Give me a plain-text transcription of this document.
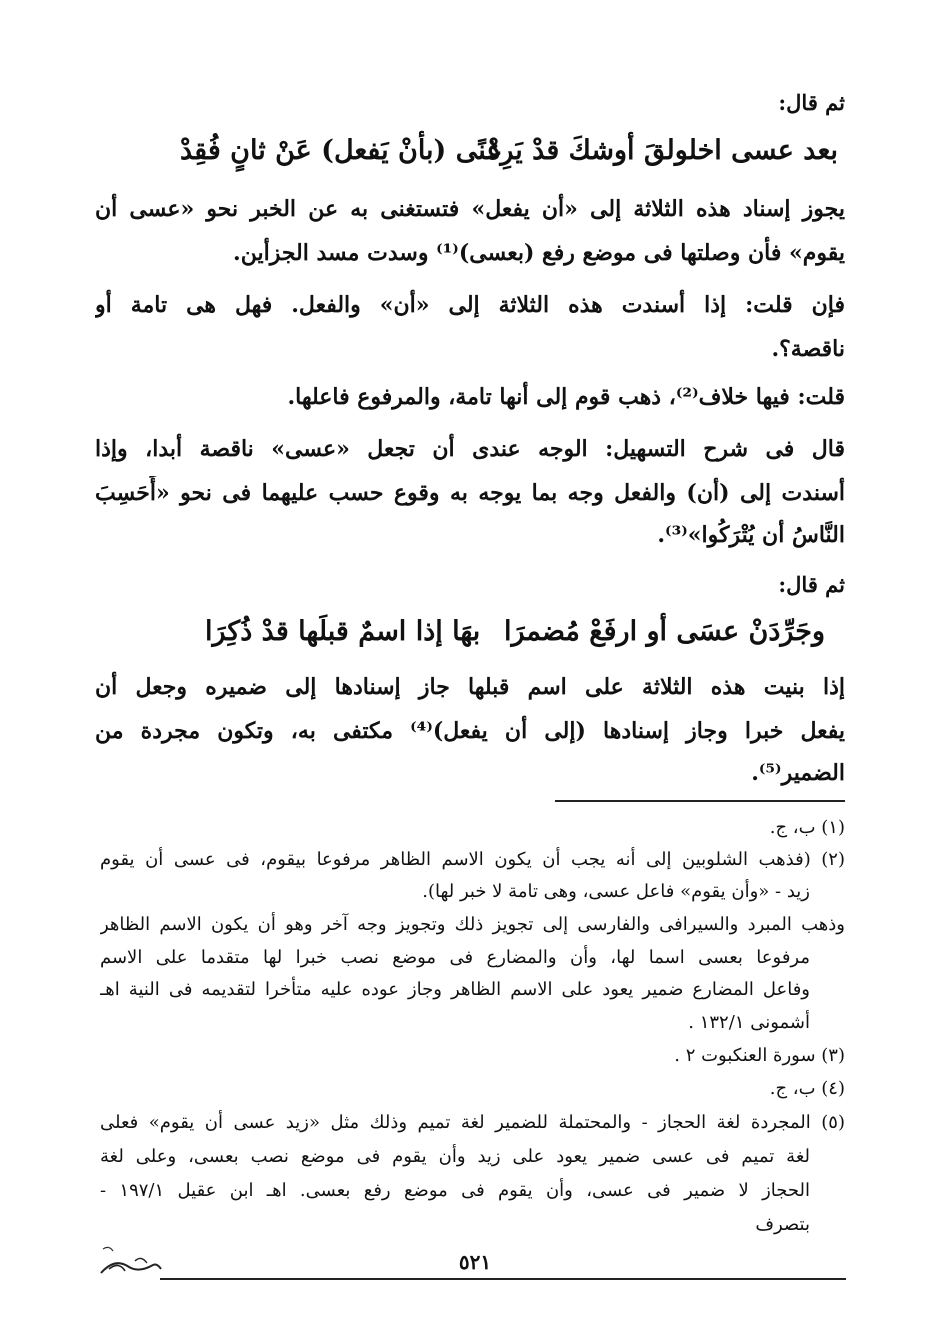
ثم قال:
بعد عسى اخلولقَ أوشكَ قدْ يَرِدْ
غنًى (بأنْ يَفعل) عَنْ ثانٍ فُقِدْ
يجوز إسناد هذه الثلاثة إلى «أن يفعل» فتستغنى به عن الخبر نحو «عسى أن
يقوم» فأن وصلتها فى موضع رفع (بعسى)⁽¹⁾ وسدت مسد الجزأين.
فإن قلت: إذا أسندت هذه الثلاثة إلى «أن» والفعل. فهل هى تامة أو
ناقصة؟.
قلت: فيها خلاف⁽²⁾، ذهب قوم إلى أنها تامة، والمرفوع فاعلها.
قال فى شرح التسهيل: الوجه عندى أن تجعل «عسى» ناقصة أبدا، وإذا
أسندت إلى (أن) والفعل وجه بما يوجه به وقوع حسب عليهما فى نحو «أَحَسِبَ
النَّاسُ أن يُتْرَكُوا»⁽³⁾.
ثم قال:
وجَرِّدَنْ عسَى أو ارفَعْ مُضمرَا
بهَا إذا اسمٌ قبلَها قدْ ذُكِرَا
إذا بنيت هذه الثلاثة على اسم قبلها جاز إسنادها إلى ضميره وجعل أن
يفعل خبرا وجاز إسنادها (إلى أن يفعل)⁽⁴⁾ مكتفى به، وتكون مجردة من
الضمير⁽⁵⁾.
(١) ب، ج.
(٢) (فذهب الشلوبين إلى أنه يجب أن يكون الاسم الظاهر مرفوعا بيقوم، فى عسى أن يقوم
زيد - «وأن يقوم» فاعل عسى، وهى تامة لا خبر لها).
وذهب المبرد والسيرافى والفارسى إلى تجويز ذلك وتجويز وجه آخر وهو أن يكون الاسم الظاهر
مرفوعا بعسى اسما لها، وأن والمضارع فى موضع نصب خبرا لها متقدما على الاسم
وفاعل المضارع ضمير يعود على الاسم الظاهر وجاز عوده عليه متأخرا لتقديمه فى النية اهـ
أشمونى ١٣٢/١ .
(٣) سورة العنكبوت ٢ .
(٤) ب، ج.
(٥) المجردة لغة الحجاز - والمحتملة للضمير لغة تميم وذلك مثل «زيد عسى أن يقوم» فعلى
لغة تميم فى عسى ضمير يعود على زيد وأن يقوم فى موضع نصب بعسى، وعلى لغة
الحجاز لا ضمير فى عسى، وأن يقوم فى موضع رفع بعسى. اهـ ابن عقيل ١٩٧/١ -
بتصرف
٥٢١
